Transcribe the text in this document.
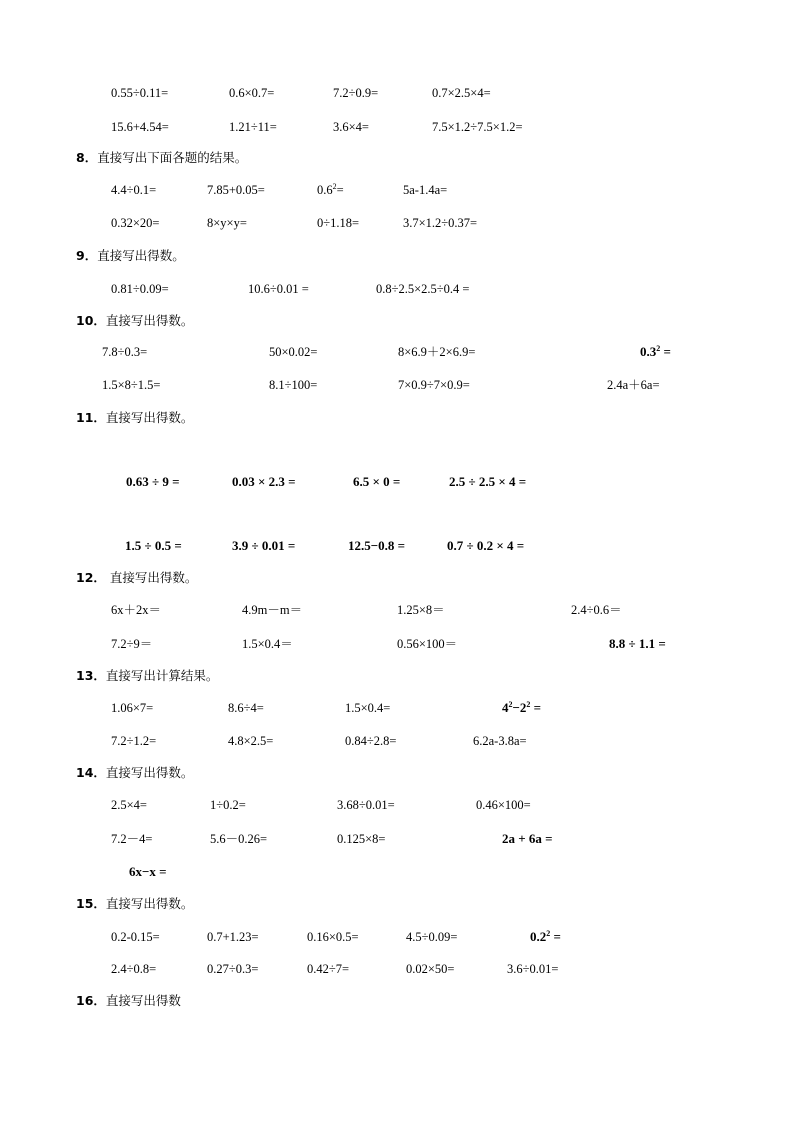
0.55÷0.11=	0.6×0.7=	7.2÷0.9=	0.7×2.5×4=
15.6+4.54=	1.21÷11=	3.6×4=	7.5×1.2÷7.5×1.2=
8．直接写出下面各题的结果。
4.4÷0.1=	7.85+0.05=	$0.6^2=$	5a-1.4a=
0.32×20=	8×y×y=	0÷1.18=	3.7×1.2÷0.37=
9．直接写出得数。
0.81÷0.09=	10.6÷0.01 =	0.8÷2.5×2.5÷0.4 =
10．直接写出得数。
7.8÷0.3=	50×0.02=	8×6.9＋2×6.9=	$0.3^2$ =
1.5×8÷1.5=	8.1÷100=	7×0.9÷7×0.9=	2.4a＋6a=
11．直接写出得数。
0.63 ÷ 9 =	0.03 × 2.3 =	6.5 × 0 =	2.5 ÷ 2.5 × 4 =
1.5 ÷ 0.5 =	3.9 ÷ 0.01 =	12.5−0.8 =	0.7 ÷ 0.2 × 4 =
12． 直接写出得数。
6x＋2x＝	4.9m－m＝	1.25×8＝	2.4÷0.6＝
7.2÷9＝	1.5×0.4＝	0.56×100＝	8.8 ÷ 1.1 =
13．直接写出计算结果。
1.06×7=	8.6÷4=	1.5×0.4=	$4^2-2^2$ =
7.2÷1.2=	4.8×2.5=	0.84÷2.8=	6.2a-3.8a=
14．直接写出得数。
2.5×4=	1÷0.2=	3.68÷0.01=	0.46×100=
7.2－4=	5.6－0.26=	0.125×8=	2a + 6a =
6x−x =
15．直接写出得数。
0.2-0.15=	0.7+1.23=	0.16×0.5=	4.5÷0.09=	$0.2^2$ =
2.4÷0.8=	0.27÷0.3=	0.42÷7=	0.02×50=	3.6÷0.01=
16．直接写出得数
